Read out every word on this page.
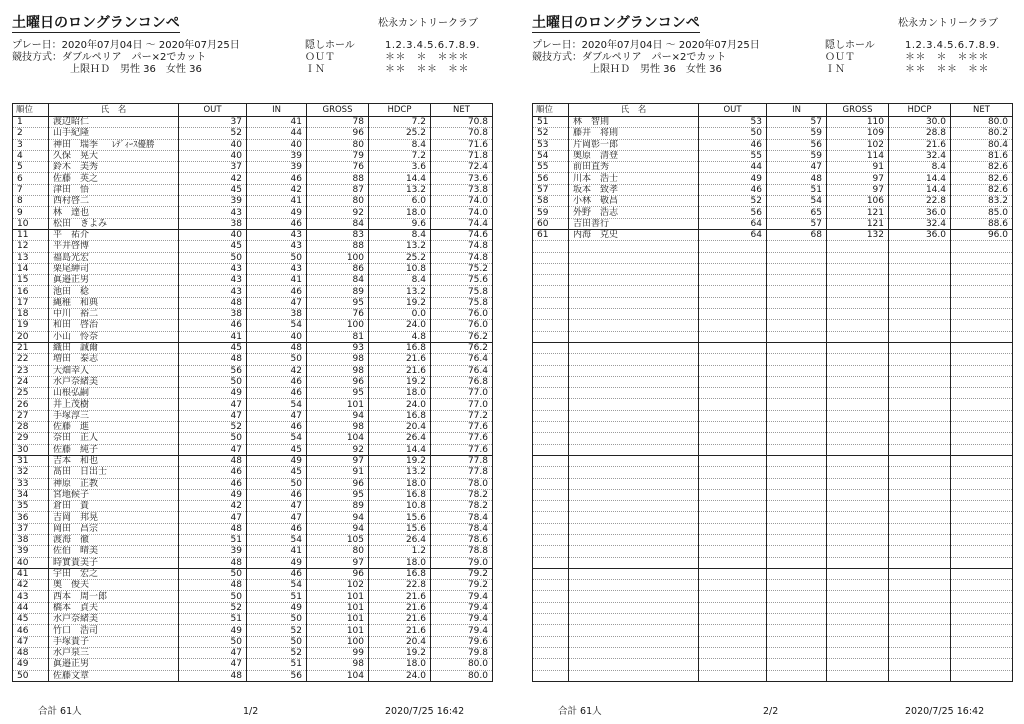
土曜日のロングランコンペ	松永カントリークラブ
プレー日：2020年07月04日 ～ 2020年07月25日
競技方式：ダブルペリア　パー×2でカット
上限ＨＤ　男性 36　女性 36
隠しホール	1.2.3.4.5.6.7.8.9.
ＯＵＴ	＊＊　＊　＊＊＊
ＩＮ	＊＊　＊＊　＊＊
順位	氏　名	OUT	IN	GROSS	HDCP	NET
1	渡辺昭仁	37	41	78	7.2	70.8
2	山手紀隆	52	44	96	25.2	70.8
3	神田　瑞季 ﾚﾃﾞｨｰｽ優勝	40	40	80	8.4	71.6
4	久保　晃大	40	39	79	7.2	71.8
5	鈴木　美秀	37	39	76	3.6	72.4
6	佐藤　英之	42	46	88	14.4	73.6
7	津田　悟	45	42	87	13.2	73.8
8	西村啓二	39	41	80	6.0	74.0
9	林　達也	43	49	92	18.0	74.0
10	松田　きよみ	38	46	84	9.6	74.4
11	平　祐介	40	43	83	8.4	74.6
12	平井啓博	45	43	88	13.2	74.8
13	福島光宏	50	50	100	25.2	74.8
14	栗尾紳司	43	43	86	10.8	75.2
15	眞邉正男	43	41	84	8.4	75.6
16	池田　稔	43	46	89	13.2	75.8
17	縄稚　和典	48	47	95	19.2	75.8
18	中川　裕二	38	38	76	0.0	76.0
19	和田　啓治	46	54	100	24.0	76.0
20	小山　怜奈	41	40	81	4.8	76.2
21	織田　誠爾	45	48	93	16.8	76.2
22	増田　泰志	48	50	98	21.6	76.4
23	大畑幸人	56	42	98	21.6	76.4
24	水戸奈緒美	50	46	96	19.2	76.8
25	山根弘嗣	49	46	95	18.0	77.0
26	井上茂樹	47	54	101	24.0	77.0
27	手塚淳三	47	47	94	16.8	77.2
28	佐藤　進	52	46	98	20.4	77.6
29	奈田　正人	50	54	104	26.4	77.6
30	佐藤　純子	47	45	92	14.4	77.6
31	吉本　和也	48	49	97	19.2	77.8
32	髙田　日出士	46	45	91	13.2	77.8
33	神原　正教	46	50	96	18.0	78.0
34	宮地候子	49	46	95	16.8	78.2
35	倉田　貴	42	47	89	10.8	78.2
36	吉岡　邦晃	47	47	94	15.6	78.4
37	岡田　昌宗	48	46	94	15.6	78.4
38	渡海　徹	51	54	105	26.4	78.6
39	佐伯　晴美	39	41	80	1.2	78.8
40	時實貴美子	48	49	97	18.0	79.0
41	宇田　宏之	50	46	96	16.8	79.2
42	奥　俊夫	48	54	102	22.8	79.2
43	西本　周一郎	50	51	101	21.6	79.4
44	橋本　貞夫	52	49	101	21.6	79.4
45	水戸奈緒美	51	50	101	21.6	79.4
46	竹口　浩司	49	52	101	21.6	79.4
47	手塚貴子	50	50	100	20.4	79.6
48	水戸泉三	47	52	99	19.2	79.8
49	眞邉正男	47	51	98	18.0	80.0
50	佐藤文章	48	56	104	24.0	80.0
合計 61人	1/2	2020/7/25 16:42
土曜日のロングランコンペ	松永カントリークラブ
プレー日：2020年07月04日 ～ 2020年07月25日
競技方式：ダブルペリア　パー×2でカット
上限ＨＤ　男性 36　女性 36
隠しホール	1.2.3.4.5.6.7.8.9.
ＯＵＴ	＊＊　＊　＊＊＊
ＩＮ	＊＊　＊＊　＊＊
順位	氏　名	OUT	IN	GROSS	HDCP	NET
51	林　智則	53	57	110	30.0	80.0
52	藤井　将則	50	59	109	28.8	80.2
53	片岡彰一郎	46	56	102	21.6	80.4
54	奥原　清登	55	59	114	32.4	81.6
55	前田直秀	44	47	91	8.4	82.6
56	川本　浩士	49	48	97	14.4	82.6
57	坂本　致孝	46	51	97	14.4	82.6
58	小林　敬昌	52	54	106	22.8	83.2
59	外野　浩志	56	65	121	36.0	85.0
60	吉田善行	64	57	121	32.4	88.6
61	内海　克史	64	68	132	36.0	96.0

合計 61人	2/2	2020/7/25 16:42
